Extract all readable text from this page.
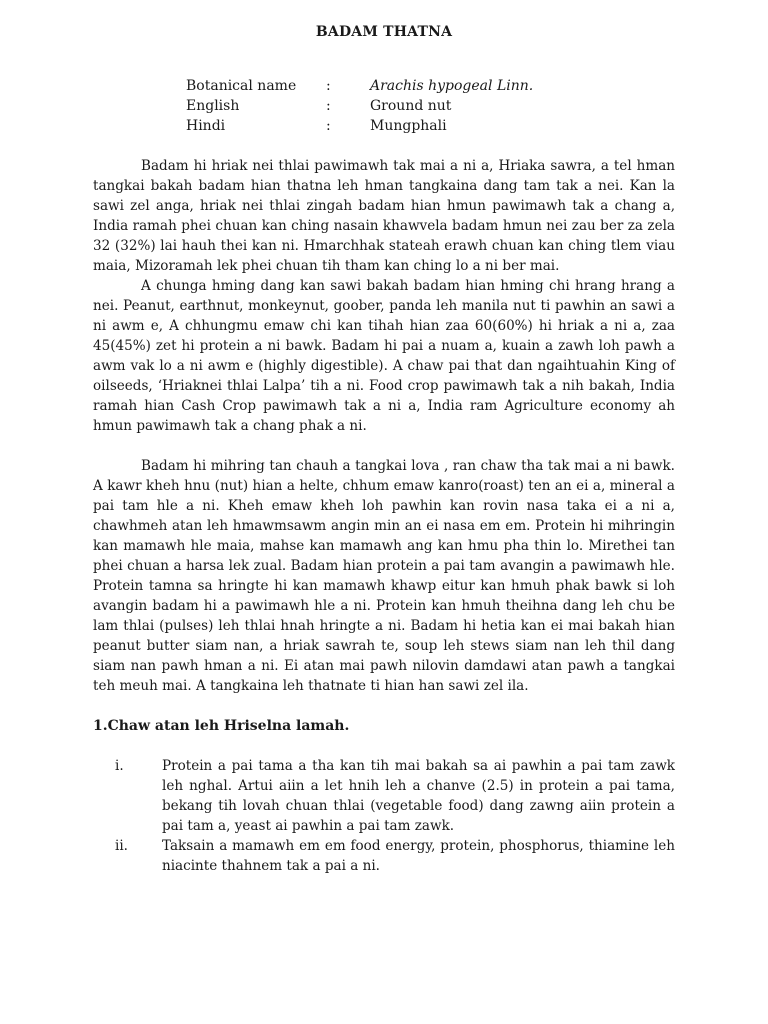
BADAM THATNA
Botanical name	:	Arachis hypogeal Linn.
English	:	Ground nut
Hindi	:	Mungphali

Badam hi hriak nei thlai pawimawh tak mai a ni a, Hriaka sawra, a tel hman tangkai bakah badam hian thatna leh hman tangkaina dang tam tak a nei. Kan la sawi zel anga, hriak nei thlai zingah badam hian hmun pawimawh tak a chang a, India ramah phei chuan kan ching nasain khawvela badam hmun nei zau ber za zela 32 (32%) lai hauh thei kan ni. Hmarchhak stateah erawh chuan kan ching tlem viau maia, Mizoramah lek phei chuan tih tham kan ching lo a ni ber mai.

A chunga hming dang kan sawi bakah badam hian hming chi hrang hrang a nei. Peanut, earthnut, monkeynut, goober, panda leh manila nut ti pawhin an sawi a ni awm e, A chhungmu emaw chi kan tihah hian zaa 60(60%) hi hriak a ni a, zaa 45(45%) zet hi protein a ni bawk. Badam hi pai a nuam a, kuain a zawh loh pawh a awm vak lo a ni awm e (highly digestible). A chaw pai that dan ngaihtuahin King of oilseeds, ‘Hriaknei thlai Lalpa’ tih a ni. Food crop pawimawh tak a nih bakah, India ramah hian Cash Crop pawimawh tak a ni a, India ram Agriculture economy ah hmun pawimawh tak a chang phak a ni.

Badam hi mihring tan chauh a tangkai lova , ran chaw tha tak mai a ni bawk. A kawr kheh hnu (nut) hian a helte, chhum emaw kanro(roast) ten an ei a, mineral a pai tam hle a ni. Kheh emaw kheh loh pawhin kan rovin nasa taka ei a ni a, chawhmeh atan leh hmawmsawm angin min an ei nasa em em. Protein hi mihringin kan mamawh hle maia, mahse kan mamawh ang kan hmu pha thin lo. Mirethei tan phei chuan a harsa lek zual. Badam hian protein a pai tam avangin a pawimawh hle. Protein tamna sa hringte hi kan mamawh khawp eitur kan hmuh phak bawk si loh avangin badam hi a pawimawh hle a ni. Protein kan hmuh theihna dang leh chu be lam thlai (pulses) leh thlai hnah hringte a ni. Badam hi hetia kan ei mai bakah hian peanut butter siam nan, a hriak sawrah te, soup leh stews siam nan leh thil dang siam nan pawh hman a ni. Ei atan mai pawh nilovin damdawi atan pawh a tangkai teh meuh mai. A tangkaina leh thatnate ti hian han sawi zel ila.

1.Chaw atan leh Hriselna lamah.
i.	Protein a pai tama a tha kan tih mai bakah sa ai pawhin a pai tam zawk leh nghal. Artui aiin a let hnih leh a chanve (2.5) in protein a pai tama, bekang tih lovah chuan thlai (vegetable food) dang zawng aiin protein a pai tam a, yeast ai pawhin a pai tam zawk.
ii.	Taksain a mamawh em em food energy, protein, phosphorus, thiamine leh niacinte thahnem tak a pai a ni.
